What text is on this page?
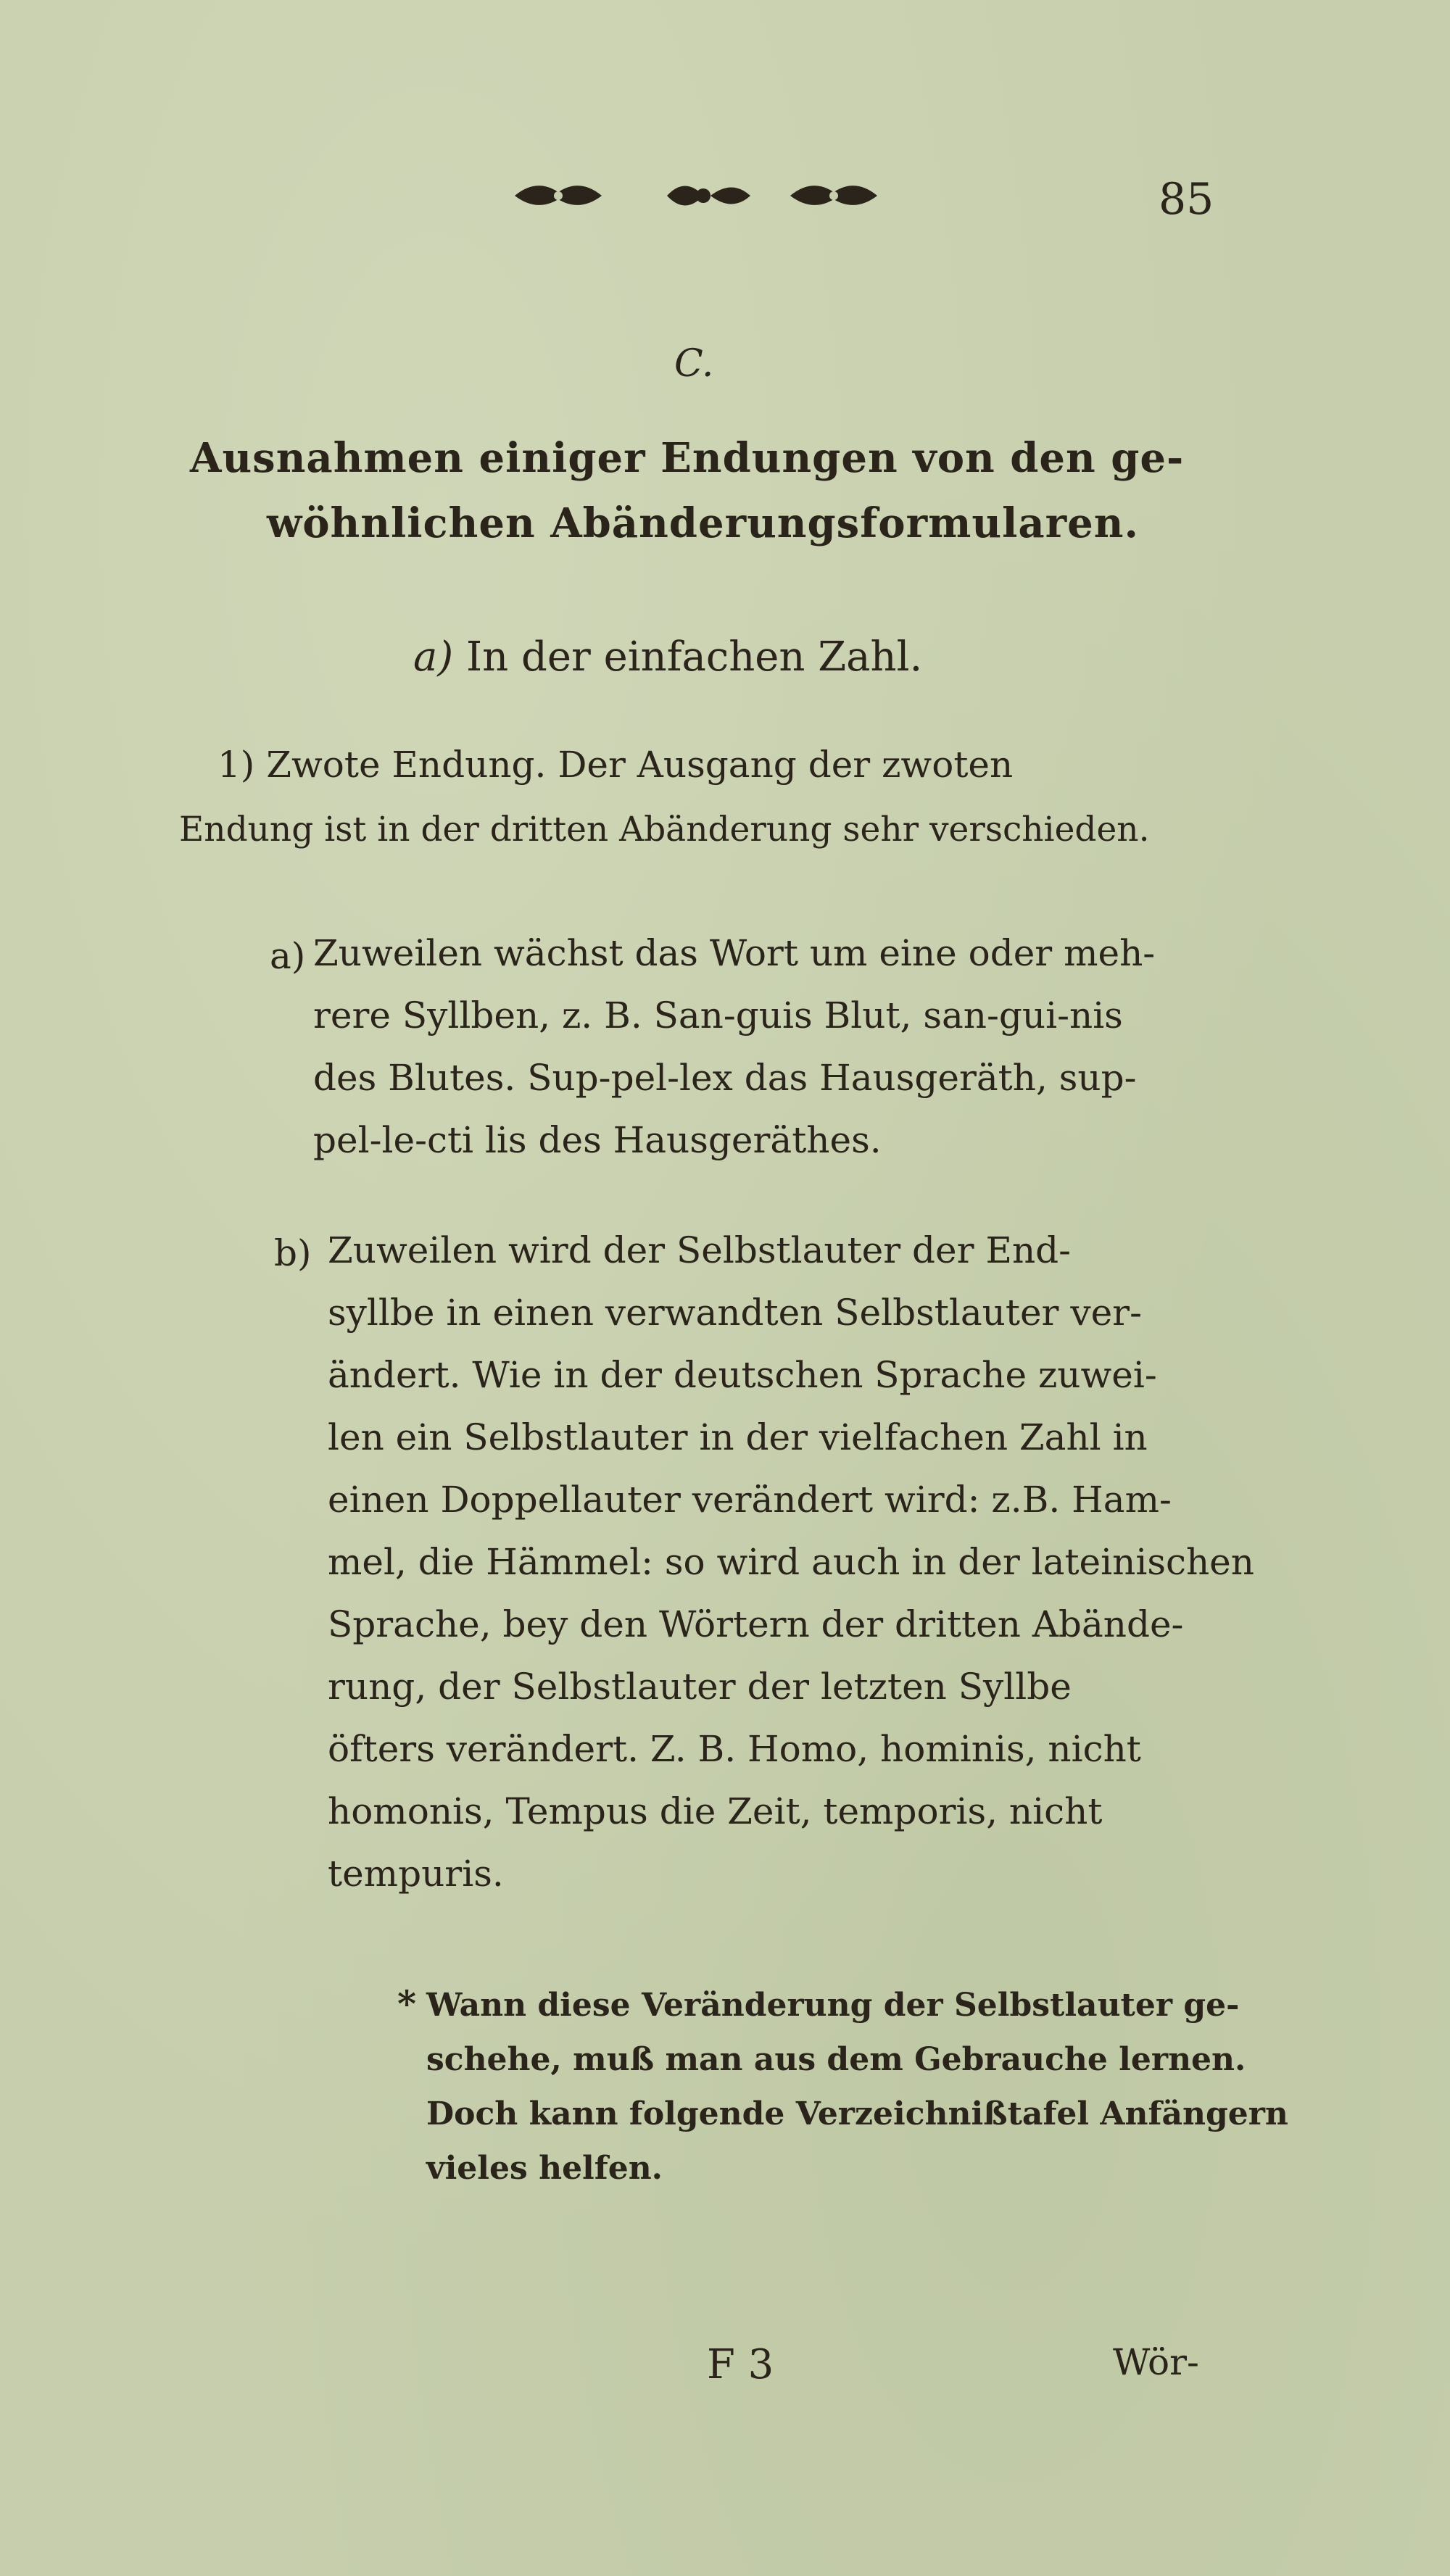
85
C.
Ausnahmen einiger Endungen von den ge-
wöhnlichen Abänderungsformularen.
a) In der einfachen Zahl.
1) Zwote Endung. Der Ausgang der zwoten
Endung ist in der dritten Abänderung sehr verschieden.
a) Zuweilen wächst das Wort um eine oder meh-
rere Syllben, z. B. San-guis Blut, san-gui-nis
des Blutes. Sup-pel-lex das Hausgeräth, sup-
pel-le-cti lis des Hausgeräthes.
b) Zuweilen wird der Selbstlauter der End-
syllbe in einen verwandten Selbstlauter ver-
ändert. Wie in der deutschen Sprache zuwei-
len ein Selbstlauter in der vielfachen Zahl in
einen Doppellauter verändert wird: z.B. Ham-
mel, die Hämmel: so wird auch in der lateinischen
Sprache, bey den Wörtern der dritten Abände-
rung, der Selbstlauter der letzten Syllbe
öfters verändert. Z. B. Homo, hominis, nicht
homonis, Tempus die Zeit, temporis, nicht
tempuris.
* Wann diese Veränderung der Selbstlauter ge-
schehe, muß man aus dem Gebrauche lernen.
Doch kann folgende Verzeichnißtafel Anfängern
vieles helfen.
F 3	Wör-
